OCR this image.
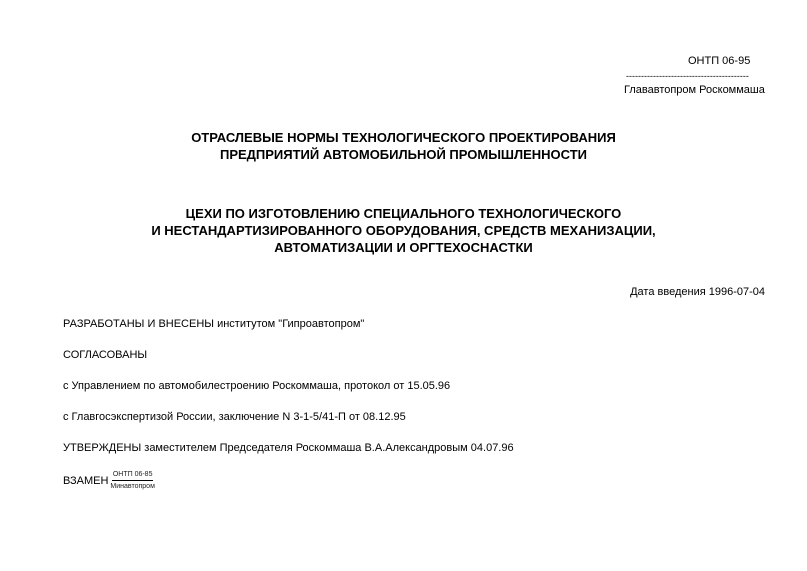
ОНТП 06-95
-----------------------------------------
Глававтопром Роскоммаша
ОТРАСЛЕВЫЕ НОРМЫ ТЕХНОЛОГИЧЕСКОГО ПРОЕКТИРОВАНИЯ
ПРЕДПРИЯТИЙ АВТОМОБИЛЬНОЙ ПРОМЫШЛЕННОСТИ
ЦЕХИ ПО ИЗГОТОВЛЕНИЮ СПЕЦИАЛЬНОГО ТЕХНОЛОГИЧЕСКОГО
И НЕСТАНДАРТИЗИРОВАННОГО ОБОРУДОВАНИЯ, СРЕДСТВ МЕХАНИЗАЦИИ,
АВТОМАТИЗАЦИИ И ОРГТЕХОСНАСТКИ
Дата введения 1996-07-04
РАЗРАБОТАНЫ И ВНЕСЕНЫ институтом "Гипроавтопром"
СОГЛАСОВАНЫ
с Управлением по автомобилестроению Роскоммаша, протокол от 15.05.96
с Главгосэкспертизой России, заключение N 3-1-5/41-П от 08.12.95
УТВЕРЖДЕНЫ заместителем Председателя Роскоммаша В.А.Александровым 04.07.96
ВЗАМЕН $\frac{\text{ОНТП 06-85}}{\text{Минавтопром}}$
